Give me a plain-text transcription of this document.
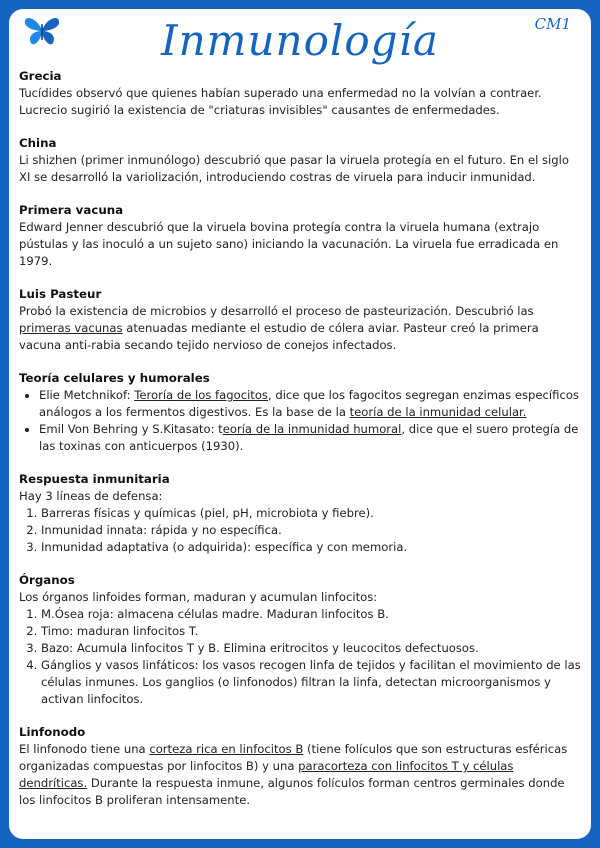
Inmunología	CM1
Grecia

Tucídides observó que quienes habían superado una enfermedad no la volvían a contraer. Lucrecio sugirió la existencia de "criaturas invisibles" causantes de enfermedades.

China

Li shizhen (primer inmunólogo) descubrió que pasar la viruela protegía en el futuro. En el siglo XI se desarrolló la variolización, introduciendo costras de viruela para inducir inmunidad.

Primera vacuna

Edward Jenner descubrió que la viruela bovina protegía contra la viruela humana (extrajo pústulas y las inoculó a un sujeto sano) iniciando la vacunación. La viruela fue erradicada en 1979.

Luis Pasteur

Probó la existencia de microbios y desarrolló el proceso de pasteurización. Descubrió las primeras vacunas atenuadas mediante el estudio de cólera aviar. Pasteur creó la primera vacuna anti-rabia secando tejido nervioso de conejos infectados.

Teoría celulares y humorales
• Elie Metchnikof: Teroría de los fagocitos, dice que los fagocitos segregan enzimas específicos análogos a los fermentos digestivos. Es la base de la teoría de la inmunidad celular.
• Emil Von Behring y S.Kitasato: teoría de la inmunidad humoral, dice que el suero protegía de las toxinas con anticuerpos (1930).
Respuesta inmunitaria

Hay 3 líneas de defensa:

1. Barreras físicas y químicas (piel, pH, microbiota y fiebre).
2. Inmunidad innata: rápida y no específica.
3. Inmunidad adaptativa (o adquirida): específica y con memoria.
Órganos

Los órganos linfoides forman, maduran y acumulan linfocitos:

1. M.Ósea roja: almacena células madre. Maduran linfocitos B.
2. Timo: maduran linfocitos T.
3. Bazo: Acumula linfocitos T y B. Elimina eritrocitos y leucocitos defectuosos.
4. Gánglios y vasos linfáticos: los vasos recogen linfa de tejidos y facilitan el movimiento de las células inmunes. Los ganglios (o linfonodos) filtran la linfa, detectan microorganismos y activan linfocitos.
Linfonodo

El linfonodo tiene una corteza rica en linfocitos B (tiene folículos que son estructuras esféricas organizadas compuestas por linfocitos B) y una paracorteza con linfocitos T y células dendríticas. Durante la respuesta inmune, algunos folículos forman centros germinales donde los linfocitos B proliferan intensamente.
